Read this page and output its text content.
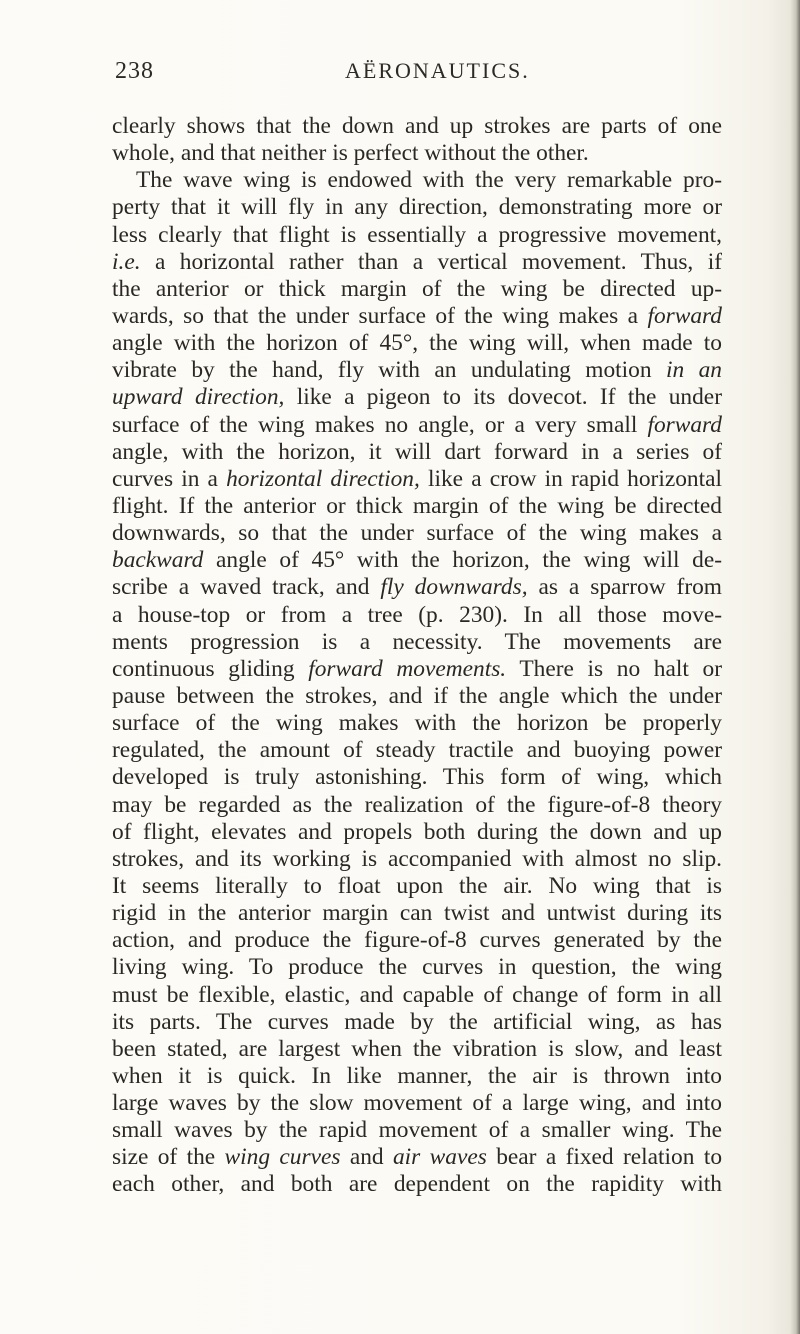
238	AËRONAUTICS.
clearly shows that the down and up strokes are parts of one
whole, and that neither is perfect without the other.
The wave wing is endowed with the very remarkable pro-
perty that it will fly in any direction, demonstrating more or
less clearly that flight is essentially a progressive movement,
i.e. a horizontal rather than a vertical movement. Thus, if
the anterior or thick margin of the wing be directed up-
wards, so that the under surface of the wing makes a forward
angle with the horizon of 45°, the wing will, when made to
vibrate by the hand, fly with an undulating motion in an
upward direction, like a pigeon to its dovecot. If the under
surface of the wing makes no angle, or a very small forward
angle, with the horizon, it will dart forward in a series of
curves in a horizontal direction, like a crow in rapid horizontal
flight. If the anterior or thick margin of the wing be directed
downwards, so that the under surface of the wing makes a
backward angle of 45° with the horizon, the wing will de-
scribe a waved track, and fly downwards, as a sparrow from
a house-top or from a tree (p. 230). In all those move-
ments progression is a necessity. The movements are
continuous gliding forward movements. There is no halt or
pause between the strokes, and if the angle which the under
surface of the wing makes with the horizon be properly
regulated, the amount of steady tractile and buoying power
developed is truly astonishing. This form of wing, which
may be regarded as the realization of the figure-of-8 theory
of flight, elevates and propels both during the down and up
strokes, and its working is accompanied with almost no slip.
It seems literally to float upon the air. No wing that is
rigid in the anterior margin can twist and untwist during its
action, and produce the figure-of-8 curves generated by the
living wing. To produce the curves in question, the wing
must be flexible, elastic, and capable of change of form in all
its parts. The curves made by the artificial wing, as has
been stated, are largest when the vibration is slow, and least
when it is quick. In like manner, the air is thrown into
large waves by the slow movement of a large wing, and into
small waves by the rapid movement of a smaller wing. The
size of the wing curves and air waves bear a fixed relation to
each other, and both are dependent on the rapidity with
